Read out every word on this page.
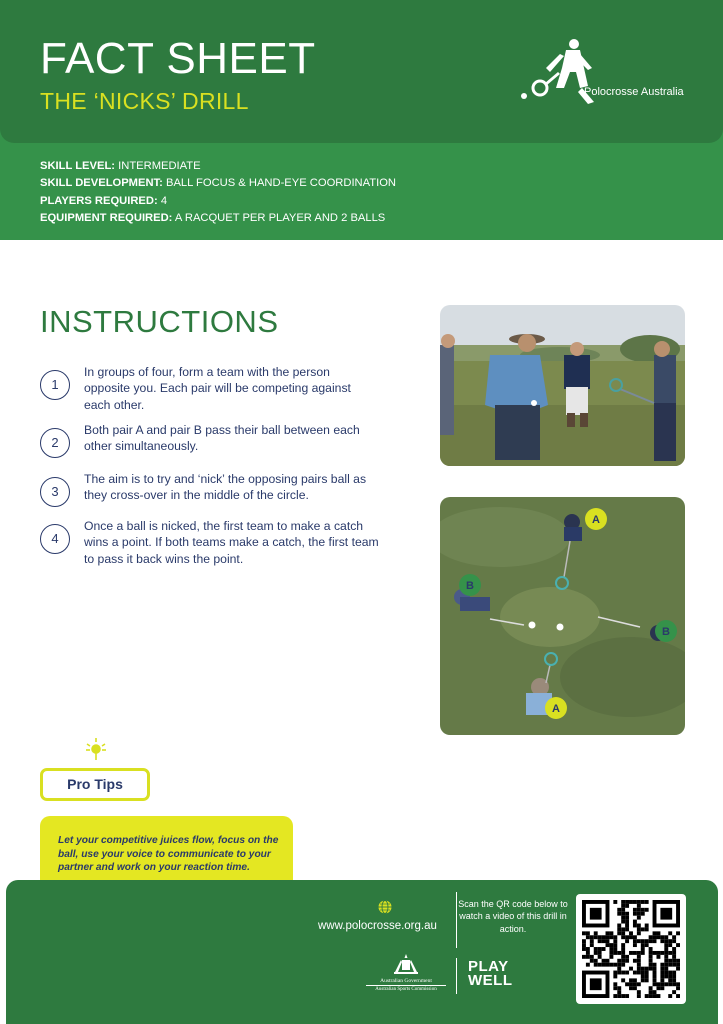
FACT SHEET
THE ‘NICKS’ DRILL	Polocrosse Australia
SKILL LEVEL: INTERMEDIATE
SKILL DEVELOPMENT: BALL FOCUS & HAND-EYE COORDINATION
PLAYERS REQUIRED: 4
EQUIPMENT REQUIRED: A RACQUET PER PLAYER AND 2 BALLS
INSTRUCTIONS
1
In groups of four, form a team with the person opposite you. Each pair will be competing against each other.
2
Both pair A and pair B pass their ball between each other simultaneously.
3
The aim is to try and ‘nick’ the opposing pairs ball as they cross-over in the middle of the circle.
4
Once a ball is nicked, the first team to make a catch wins a point. If both teams make a catch, the first team to pass it back wins the point.
A
B
B
A
Pro Tips
Let your competitive juices flow, focus on the ball, use your voice to communicate to your partner and work on your reaction time.
www.polocrosse.org.au
Scan the QR code below to watch a video of this drill in action.
Australian Government
Australian Sports Commission
PLAY
WELL
